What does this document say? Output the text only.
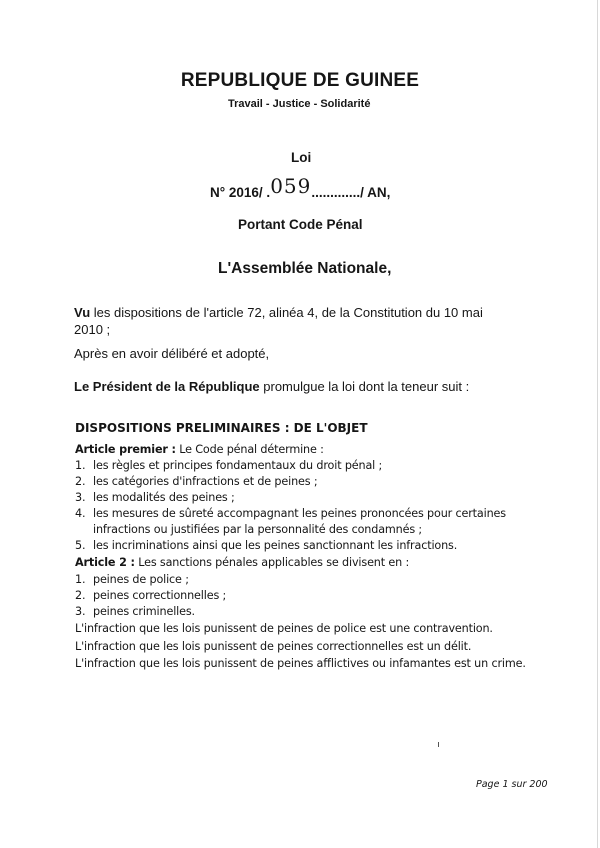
REPUBLIQUE DE GUINEE
Travail - Justice - Solidarité
Loi
N° 2016/ .059............./ AN,
Portant Code Pénal
L'Assemblée Nationale,
Vu les dispositions de l'article 72, alinéa 4, de la Constitution du 10 mai
2010 ;
Après en avoir délibéré et adopté,
Le Président de la République promulgue la loi dont la teneur suit :
DISPOSITIONS PRELIMINAIRES : DE L'OBJET
Article premier : Le Code pénal détermine :
1. les règles et principes fondamentaux du droit pénal ;
2. les catégories d'infractions et de peines ;
3. les modalités des peines ;
4. les mesures de sûreté accompagnant les peines prononcées pour certaines
infractions ou justifiées par la personnalité des condamnés ;
5. les incriminations ainsi que les peines sanctionnant les infractions.
Article 2 : Les sanctions pénales applicables se divisent en :
1. peines de police ;
2. peines correctionnelles ;
3. peines criminelles.
L'infraction que les lois punissent de peines de police est une contravention.
L'infraction que les lois punissent de peines correctionnelles est un délit.
L'infraction que les lois punissent de peines afflictives ou infamantes est un crime.
Page 1 sur 200
